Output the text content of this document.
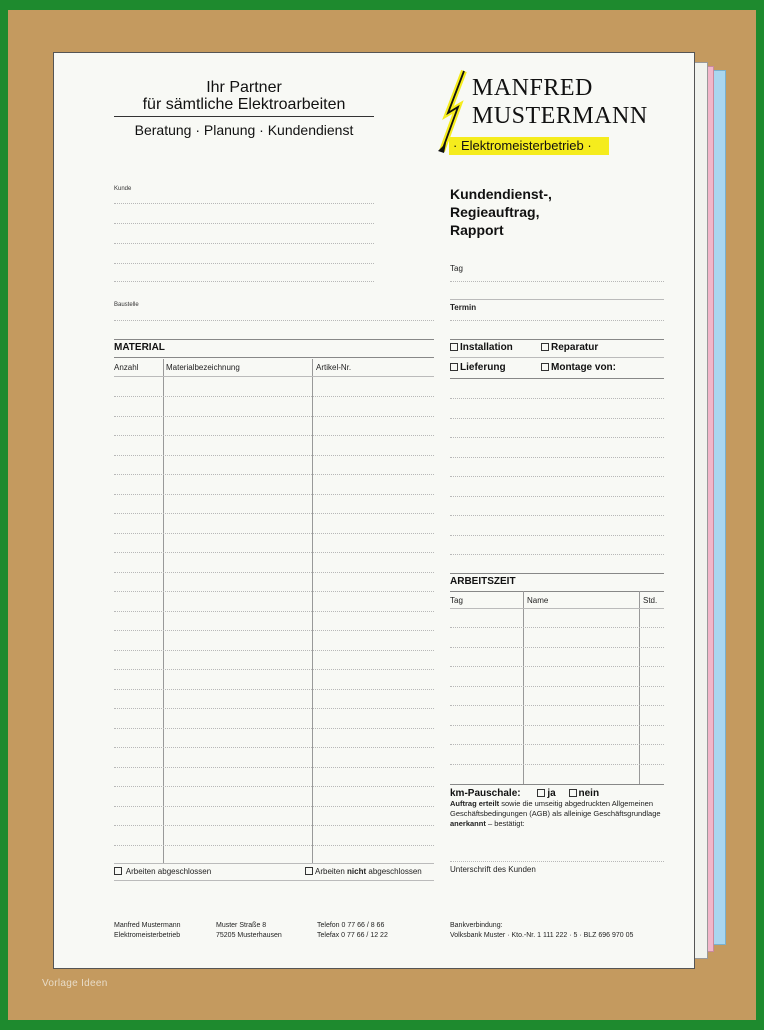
Ihr Partner
für sämtliche Elektroarbeiten
Beratung · Planung · Kundendienst
MANFRED
MUSTERMANN
· Elektromeisterbetrieb ·
Kunde
Baustelle
Kundendienst-,
Regieauftrag,
Rapport
Tag
Termin
MATERIAL
Anzahl	Materialbezeichnung	Artikel-Nr.
Arbeiten abgeschlossen	Arbeiten nicht abgeschlossen
Installation	Reparatur
Lieferung	Montage von:
ARBEITSZEIT
Tag	Name	Std.
km-Pauschale:	ja nein
Auftrag erteilt sowie die umseitig abgedruckten Allgemeinen Geschäftsbedingungen (AGB) als alleinige Geschäftsgrundlage anerkannt – bestätigt:
Unterschrift des Kunden
Manfred Mustermann
Elektromeisterbetrieb
Muster Straße 8
75205 Musterhausen
Telefon 0 77 66 / 8 66
Telefax 0 77 66 / 12 22
Bankverbindung:
Volksbank Muster · Kto.-Nr. 1 111 222 · 5 · BLZ 696 970 05
Vorlage Ideen
